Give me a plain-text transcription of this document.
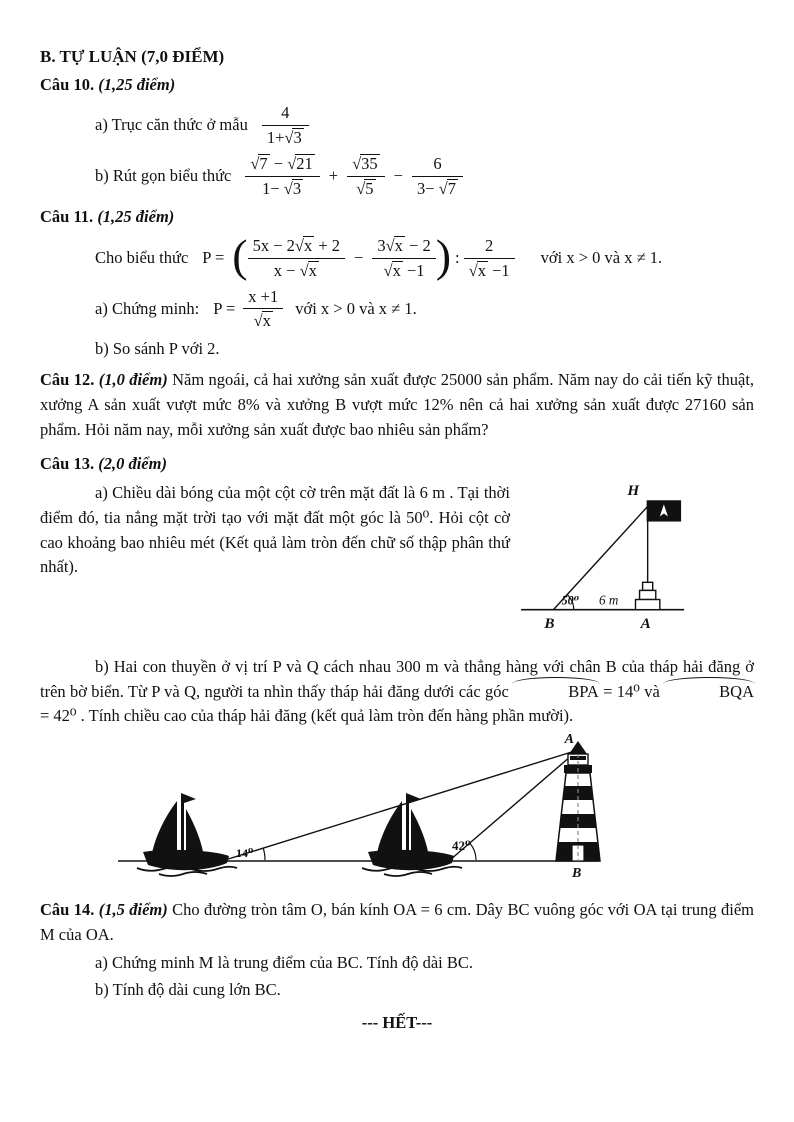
B. TỰ LUẬN (7,0 ĐIỂM)
Câu 10. (1,25 điểm)
a) Trục căn thức ở mẫu $\frac{4}{1+√3}$
b) Rút gọn biểu thức $\frac{√7 - √21}{1- √3} + \frac{√35}{√5} - \frac{6}{3- √7}$
Câu 11. (1,25 điểm)
Cho biểu thức P = ( $\frac{5x - 2√x + 2}{x - √x} - \frac{3√x - 2}{√x -1}$ ) : $\frac{2}{√x -1}$ với x > 0 và x ≠ 1.
a) Chứng minh: $P = \frac{x +1}{√x}$ với x > 0 và x ≠ 1.
b) So sánh P với 2.

Câu 12. (1,0 điểm) Năm ngoái, cả hai xưởng sản xuất được 25000 sản phẩm. Năm nay do cải tiến kỹ thuật, xưởng A sản xuất vượt mức 8% và xưởng B vượt mức 12% nên cả hai xưởng sản xuất được 27160 sản phẩm. Hỏi năm nay, mỗi xưởng sản xuất được bao nhiêu sản phẩm?

Câu 13. (2,0 điểm)
H
50⁰ 6 m
B	A

a) Chiều dài bóng của một cột cờ trên mặt đất là 6 m . Tại thời điểm đó, tia nắng mặt trời tạo với mặt đất một góc là 50⁰. Hỏi cột cờ cao khoảng bao nhiêu mét (Kết quả làm tròn đến chữ số thập phân thứ nhất).

b) Hai con thuyền ở vị trí P và Q cách nhau 300 m và thẳng hàng với chân B của tháp hải đăng ở trên bờ biển. Từ P và Q, người ta nhìn thấy tháp hải đăng dưới các góc	BPA = 14⁰ và	BQA = 42⁰ . Tính chiều cao của tháp hải đăng (kết quả làm tròn đến hàng phần mười).

A
B
14⁰	42⁰

Câu 14. (1,5 điểm) Cho đường tròn tâm O, bán kính OA = 6 cm. Dây BC vuông góc với OA tại trung điểm M của OA.

a) Chứng minh M là trung điểm của BC. Tính độ dài BC.
b) Tính độ dài cung lớn BC.
--- HẾT---
